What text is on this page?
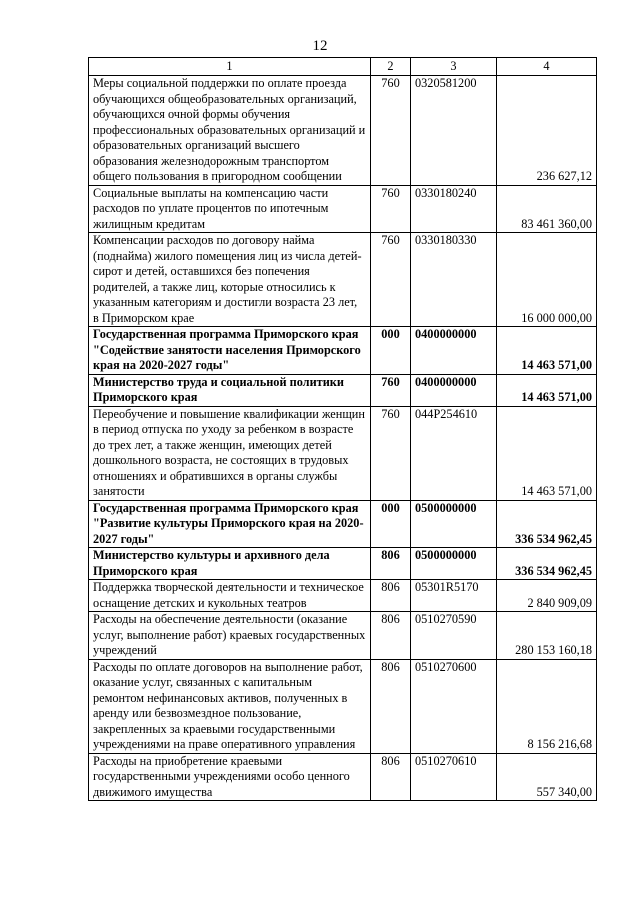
12
1	2	3	4
Меры социальной поддержки по оплате проезда обучающихся общеобразовательных организаций, обучающихся очной формы обучения профессиональных образовательных организаций и образовательных организаций высшего образования железнодорожным транспортом общего пользования в пригородном сообщении	760	0320581200	236 627,12
Социальные выплаты на компенсацию части расходов по уплате процентов по ипотечным жилищным кредитам	760	0330180240	83 461 360,00
Компенсации расходов по договору найма (поднайма) жилого помещения лиц из числа детей-сирот и детей, оставшихся без попечения родителей, а также лиц, которые относились к указанным категориям и достигли возраста 23 лет, в Приморском крае	760	0330180330	16 000 000,00
Государственная программа Приморского края "Содействие занятости населения Приморского края на 2020-2027 годы"	000	0400000000	14 463 571,00
Министерство труда и социальной политики Приморского края	760	0400000000	14 463 571,00
Переобучение и повышение квалификации женщин в период отпуска по уходу за ребенком в возрасте до трех лет, а также женщин, имеющих детей дошкольного возраста, не состоящих в трудовых отношениях и обратившихся в органы службы занятости	760	044P254610	14 463 571,00
Государственная программа Приморского края "Развитие культуры Приморского края на 2020-2027 годы"	000	0500000000	336 534 962,45
Министерство культуры и архивного дела Приморского края	806	0500000000	336 534 962,45
Поддержка творческой деятельности и техническое оснащение детских и кукольных театров	806	05301R5170	2 840 909,09
Расходы на обеспечение деятельности (оказание услуг, выполнение работ) краевых государственных учреждений	806	0510270590	280 153 160,18
Расходы по оплате договоров на выполнение работ, оказание услуг, связанных с капитальным ремонтом нефинансовых активов, полученных в аренду или безвозмездное пользование, закрепленных за краевыми государственными учреждениями на праве оперативного управления	806	0510270600	8 156 216,68
Расходы на приобретение краевыми государственными учреждениями особо ценного движимого имущества	806	0510270610	557 340,00
